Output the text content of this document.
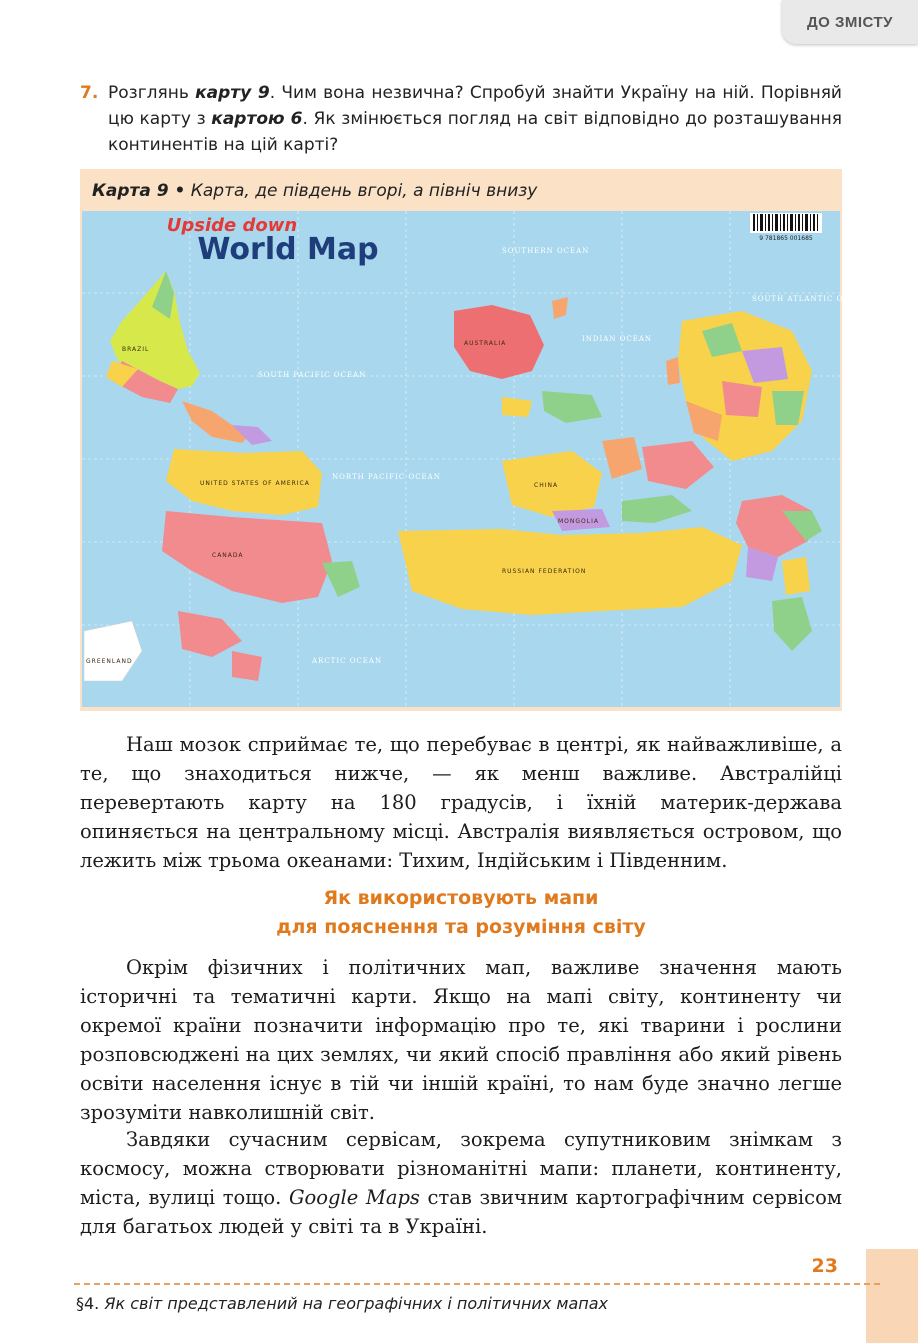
ДО ЗМІСТУ
7. Розглянь карту 9. Чим вона незвична? Спробуй знайти Україну на ній. Порівняй цю карту з картою 6. Як змінюється погляд на світ відповідно до розташування континентів на цій карті?
Карта 9 • Карта, де південь вгорі, а північ внизу
Upside down
World Map	9 781865 001685
SOUTHERN OCEAN
SOUTH ATLANTIC OCEAN
INDIAN OCEAN
SOUTH PACIFIC OCEAN
NORTH PACIFIC OCEAN
ARCTIC OCEAN
AUSTRALIA
BRAZIL
UNITED STATES OF AMERICA
CANADA
GREENLAND
RUSSIAN FEDERATION
MONGOLIA
CHINA

Наш мозок сприймає те, що перебуває в центрі, як найважливіше, а те, що знаходиться нижче, — як менш важливе. Австралійці перевертають карту на 180 градусів, і їхній материк-держава опиняється на центральному місці. Австралія виявляється островом, що лежить між трьома океанами: Тихим, Індійським і Південним.

Як використовують мапи
для пояснення та розуміння світу

Окрім фізичних і політичних мап, важливе значення мають історичні та тематичні карти. Якщо на мапі світу, континенту чи окремої країни позначити інформацію про те, які тварини і рослини розповсюджені на цих землях, чи який спосіб правління або який рівень освіти населення існує в тій чи іншій країні, то нам буде значно легше зрозуміти навколишній світ.

Завдяки сучасним сервісам, зокрема супутниковим знімкам з космосу, можна створювати різноманітні мапи: планети, континенту, міста, вулиці тощо. Google Maps став звичним картографічним сервісом для багатьох людей у світі та в Україні.

23
§4. Як світ представлений на географічних і політичних мапах
